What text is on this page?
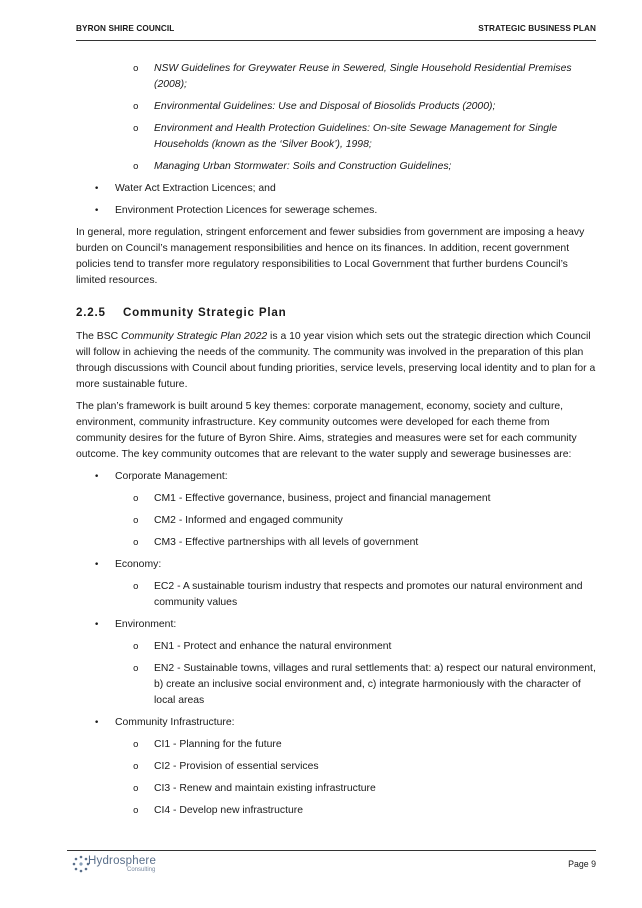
BYRON SHIRE COUNCIL	STRATEGIC BUSINESS PLAN
o NSW Guidelines for Greywater Reuse in Sewered, Single Household Residential Premises (2008);
o Environmental Guidelines: Use and Disposal of Biosolids Products (2000);
o Environment and Health Protection Guidelines: On-site Sewage Management for Single Households (known as the ‘Silver Book’), 1998;
o Managing Urban Stormwater: Soils and Construction Guidelines;
• Water Act Extraction Licences; and
• Environment Protection Licences for sewerage schemes.

In general, more regulation, stringent enforcement and fewer subsidies from government are imposing a heavy burden on Council’s management responsibilities and hence on its finances. In addition, recent government policies tend to transfer more regulatory responsibilities to Local Government that further burdens Council’s limited resources.

2.2.5	Community Strategic Plan

The BSC Community Strategic Plan 2022 is a 10 year vision which sets out the strategic direction which Council will follow in achieving the needs of the community. The community was involved in the preparation of this plan through discussions with Council about funding priorities, service levels, preserving local identity and to plan for a more sustainable future.

The plan’s framework is built around 5 key themes: corporate management, economy, society and culture, environment, community infrastructure. Key community outcomes were developed for each theme from community desires for the future of Byron Shire. Aims, strategies and measures were set for each community outcome. The key community outcomes that are relevant to the water supply and sewerage businesses are:

• Corporate Management:
o CM1 - Effective governance, business, project and financial management
o CM2 - Informed and engaged community
o CM3 - Effective partnerships with all levels of government
• Economy:
o EC2 - A sustainable tourism industry that respects and promotes our natural environment and community values
• Environment:
o EN1 - Protect and enhance the natural environment
o EN2 - Sustainable towns, villages and rural settlements that: a) respect our natural environment, b) create an inclusive social environment and, c) integrate harmoniously with the character of local areas
• Community Infrastructure:
o CI1 - Planning for the future
o CI2 - Provision of essential services
o CI3 - Renew and maintain existing infrastructure
o CI4 - Develop new infrastructure
Hydrosphere
Consulting
Page 9
